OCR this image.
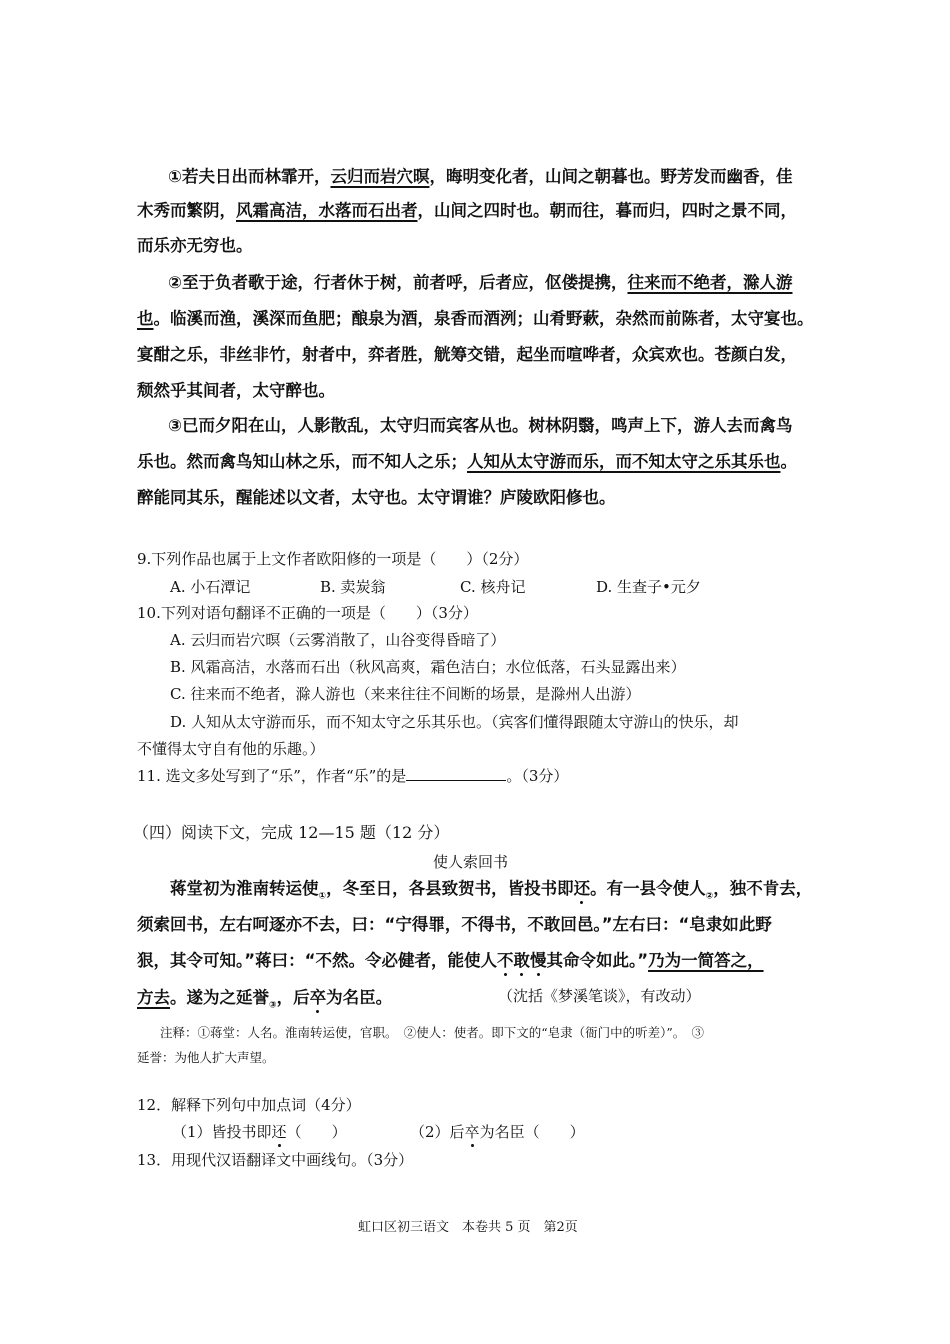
①若夫日出而林霏开，云归而岩穴暝，晦明变化者，山间之朝暮也。野芳发而幽香，佳
木秀而繁阴，风霜高洁，水落而石出者，山间之四时也。朝而往，暮而归，四时之景不同，
而乐亦无穷也。
②至于负者歌于途，行者休于树，前者呼，后者应，伛偻提携，往来而不绝者，滁人游
也。临溪而渔，溪深而鱼肥；酿泉为酒，泉香而酒洌；山肴野蔌，杂然而前陈者，太守宴也。
宴酣之乐，非丝非竹，射者中，弈者胜，觥筹交错，起坐而喧哗者，众宾欢也。苍颜白发，
颓然乎其间者，太守醉也。
③已而夕阳在山，人影散乱，太守归而宾客从也。树林阴翳，鸣声上下，游人去而禽鸟
乐也。然而禽鸟知山林之乐，而不知人之乐；人知从太守游而乐，而不知太守之乐其乐也。
醉能同其乐，醒能述以文者，太守也。太守谓谁？庐陵欧阳修也。
9.下列作品也属于上文作者欧阳修的一项是（　　）（2分）
A. 小石潭记	B. 卖炭翁	C. 核舟记	D. 生查子•元夕
10.下列对语句翻译不正确的一项是（　　）（3分）
A. 云归而岩穴暝（云雾消散了，山谷变得昏暗了）
B. 风霜高洁，水落而石出（秋风高爽，霜色洁白；水位低落，石头显露出来）
C. 往来而不绝者，滁人游也（来来往往不间断的场景，是滁州人出游）
D. 人知从太守游而乐，而不知太守之乐其乐也。（宾客们懂得跟随太守游山的快乐，却
不懂得太守自有他的乐趣。）
11. 选文多处写到了“乐”，作者“乐”的是	。（3分）
（四）阅读下文，完成 12—15 题（12 分）
使人索回书
蒋堂初为淮南转运使$_①$，冬至日，各县致贺书，皆投书即还。有一县令使人$_②$，独不肯去，
须索回书，左右呵逐亦不去，曰：“宁得罪，不得书，不敢回邑。”左右曰：“皂隶如此野
狠，其令可知。”蒋曰：“不然。令必健者，能使人不敢慢其命令如此。”乃为一简答之，
方去。遂为之延誉$_③$，后卒为名臣。	（沈括《梦溪笔谈》，有改动）
注释：①蒋堂：人名。淮南转运使，官职。　②使人：使者。即下文的“皂隶（衙门中的听差）”。　③
延誉：为他人扩大声望。
12．解释下列句中加点词（4分）
（1）皆投书即还（　　）	（2）后卒为名臣（　　）
13．用现代汉语翻译文中画线句。（3分）
虹口区初三语文　本卷共 5 页　第2页
